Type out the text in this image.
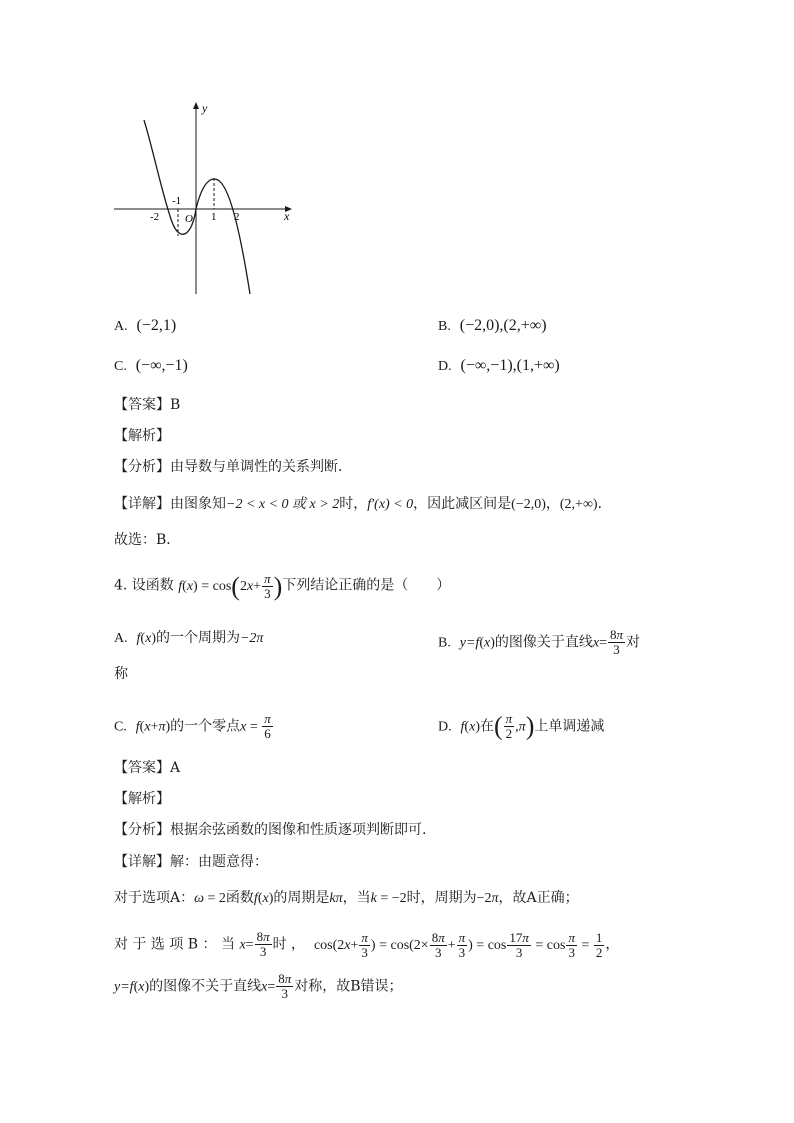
y
x
O
-2
-1
1 2
A. (−2,1)	B. (−2,0),(2,+∞)
C. (−∞,−1)	D. (−∞,−1),(1,+∞)
【答案】B
【解析】
【分析】由导数与单调性的关系判断．
【详解】由图象知−2 < x < 0 或 x > 2时，f′(x) < 0，因此减区间是(−2,0)，(2,+∞)．
故选：B．
4. 设函数 $f(x) = \cos(2x+ \frac{\pi}{3}$ )下列结论正确的是（　　）
A. f(x)的一个周期为−2π	B. y=f(x)的图像关于直线$x= \frac{8\pi}{3}$ 对
称
C. f(x+π)的一个零点$x = \frac{\pi}{6}$	D. f(x)在( $\frac{\pi}{2} ,\pi$)上单调递减
【答案】A
【解析】
【分析】根据余弦函数的图像和性质逐项判断即可.
【详解】解：由题意得：
对于选项A：ω = 2函数f(x)的周期是kπ，当k = −2时，周期为−2π，故A正确；
对 于 选 项 B ： 当 $x= \frac{8\pi}{3}$ 时 ， $\cos(2x+ \frac{\pi}{3}$ ) = $\cos(2\times \frac{8\pi}{3} + \frac{\pi}{3}$ ) = $\cos \frac{17\pi}{3} = \cos \frac{\pi}{3} = \frac{1}{2}$ ，
y=f(x)的图像不关于直线$x= \frac{8\pi}{3}$ 对称，故B错误；
